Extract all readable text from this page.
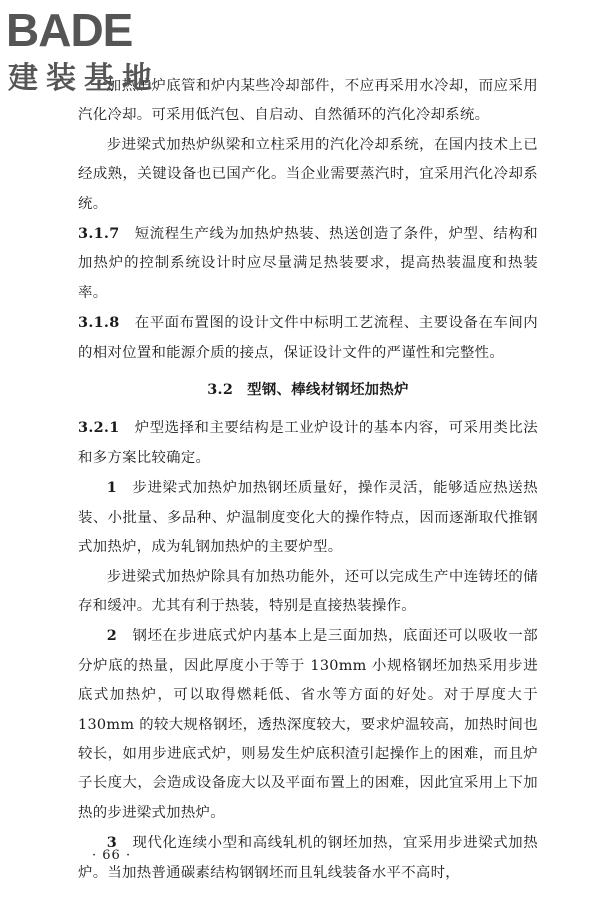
BADE
建装基地

加热炉炉底管和炉内某些冷却部件，不应再采用水冷却，而应采用汽化冷却。可采用低汽包、自启动、自然循环的汽化冷却系统。

步进梁式加热炉纵梁和立柱采用的汽化冷却系统，在国内技术上已经成熟，关键设备也已国产化。当企业需要蒸汽时，宜采用汽化冷却系统。

3.1.7　 短流程生产线为加热炉热装、热送创造了条件，炉型、结构和加热炉的控制系统设计时应尽量满足热装要求，提高热装温度和热装率。

3.1.8　 在平面布置图的设计文件中标明工艺流程、主要设备在车间内的相对位置和能源介质的接点，保证设计文件的严谨性和完整性。

3.2 型钢、棒线材钢坯加热炉

3.2.1　 炉型选择和主要结构是工业炉设计的基本内容，可采用类比法和多方案比较确定。

1　 步进梁式加热炉加热钢坯质量好，操作灵活，能够适应热送热装、小批量、多品种、炉温制度变化大的操作特点，因而逐渐取代推钢式加热炉，成为轧钢加热炉的主要炉型。

步进梁式加热炉除具有加热功能外，还可以完成生产中连铸坯的储存和缓冲。尤其有利于热装，特别是直接热装操作。

2　 钢坯在步进底式炉内基本上是三面加热，底面还可以吸收一部分炉底的热量，因此厚度小于等于 130mm 小规格钢坯加热采用步进底式加热炉，可以取得燃耗低、省水等方面的好处。对于厚度大于 130mm 的较大规格钢坯，透热深度较大，要求炉温较高，加热时间也较长，如用步进底式炉，则易发生炉底积渣引起操作上的困难，而且炉子长度大，会造成设备庞大以及平面布置上的困难，因此宜采用上下加热的步进梁式加热炉。

3　 现代化连续小型和高线轧机的钢坯加热，宜采用步进梁式加热炉。当加热普通碳素结构钢钢坯而且轧线装备水平不高时，

· 66 ·
